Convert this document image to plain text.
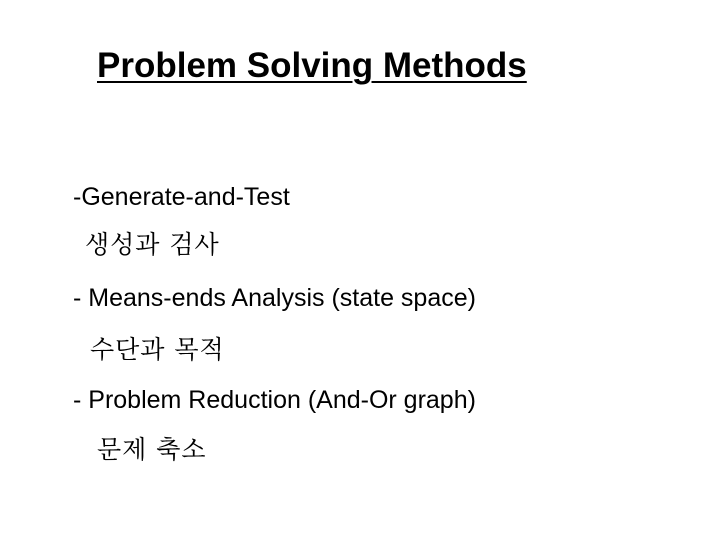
Problem Solving Methods
-Generate-and-Test
생성과 검사
- Means-ends Analysis (state space)
수단과 목적
- Problem Reduction (And-Or graph)
문제 축소
